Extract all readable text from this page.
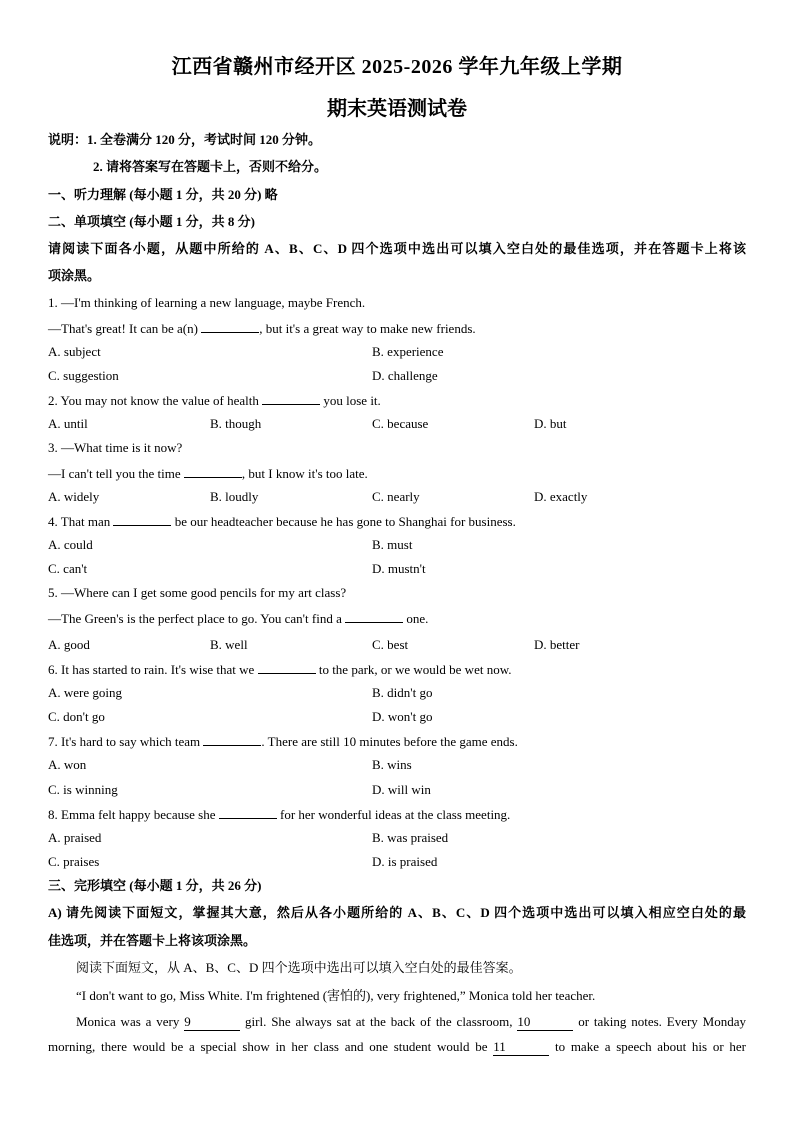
江西省赣州市经开区 2025-2026 学年九年级上学期
期末英语测试卷
说明：1. 全卷满分 120 分，考试时间 120 分钟。
2. 请将答案写在答题卡上，否则不给分。
一、听力理解 (每小题 1 分，共 20 分) 略
二、单项填空 (每小题 1 分，共 8 分)
请阅读下面各小题，从题中所给的 A、B、C、D 四个选项中选出可以填入空白处的最佳选项，并在答题卡上将该
项涂黑。
1. —I'm thinking of learning a new language, maybe French.
—That's great! It can be a(n)	, but it's a great way to make new friends.
A. subject	B. experience
C. suggestion	D. challenge
2. You may not know the value of health	you lose it.
A. until	B. though	C. because	D. but
3. —What time is it now?
—I can't tell you the time	, but I know it's too late.
A. widely	B. loudly	C. nearly	D. exactly
4. That man	be our headteacher because he has gone to Shanghai for business.
A. could	B. must
C. can't	D. mustn't
5. —Where can I get some good pencils for my art class?
—The Green's is the perfect place to go. You can't find a	one.
A. good	B. well	C. best	D. better
6. It has started to rain. It's wise that we	to the park, or we would be wet now.
A. were going	B. didn't go
C. don't go	D. won't go
7. It's hard to say which team	. There are still 10 minutes before the game ends.
A. won	B. wins
C. is winning	D. will win
8. Emma felt happy because she	for her wonderful ideas at the class meeting.
A. praised	B. was praised
C. praises	D. is praised
三、完形填空 (每小题 1 分，共 26 分)
A) 请先阅读下面短文，掌握其大意，然后从各小题所给的 A、B、C、D 四个选项中选出可以填入相应空白处的最
佳选项，并在答题卡上将该项涂黑。
阅读下面短文，从 A、B、C、D 四个选项中选出可以填入空白处的最佳答案。
“I don't want to go, Miss White. I'm frightened (害怕的), very frightened,” Monica told her teacher.
Monica was a very 9	girl. She always sat at the back of the classroom, 10	or taking notes. Every Monday
morning, there would be a special show in her class and one student would be 11	to make a speech about his or her
